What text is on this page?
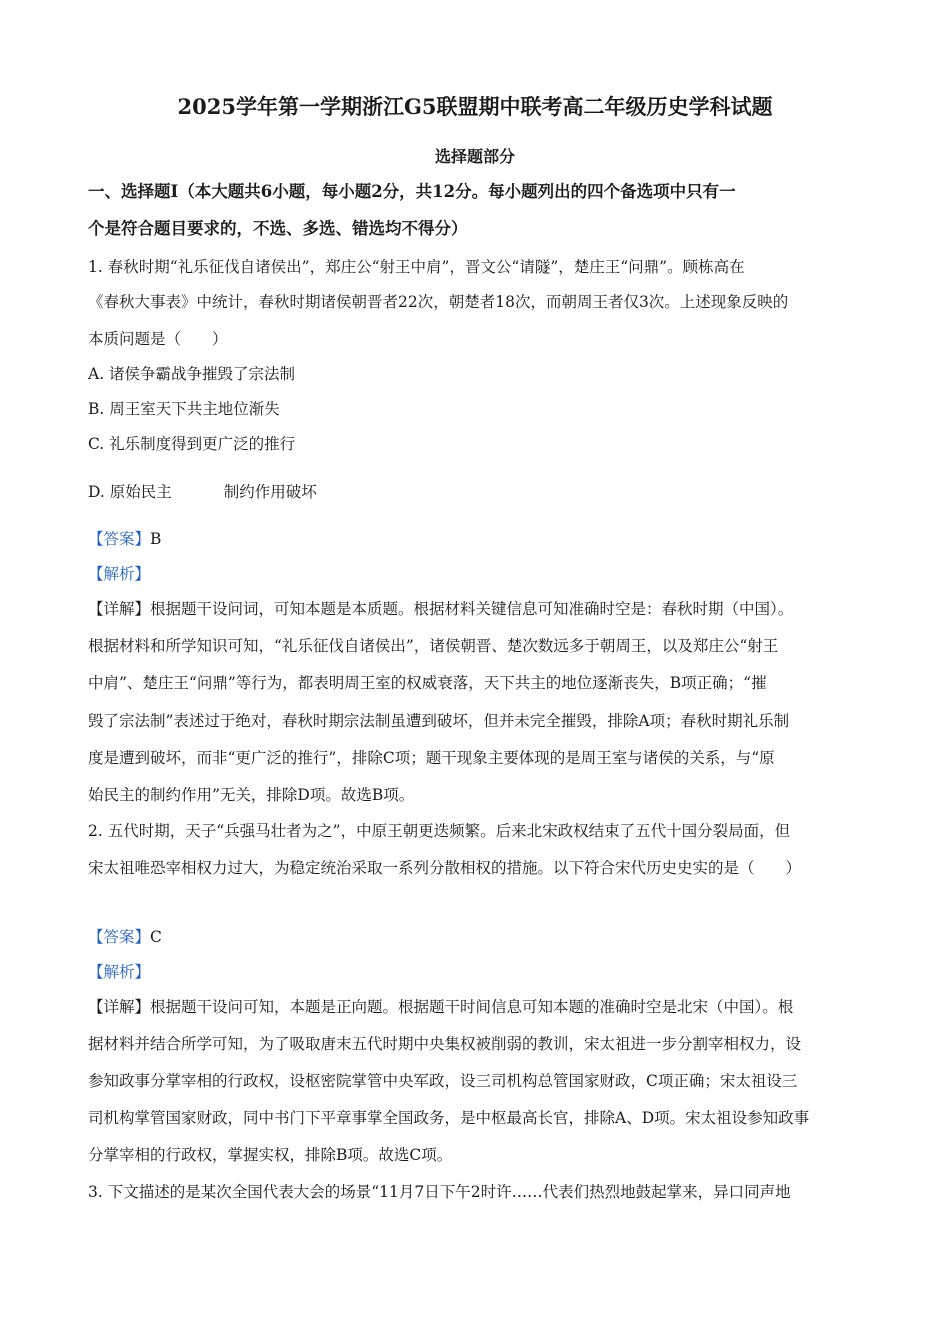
2025学年第一学期浙江G5联盟期中联考高二年级历史学科试题
选择题部分
一、选择题Ⅰ（本大题共6小题，每小题2分，共12分。每小题列出的四个备选项中只有一
个是符合题目要求的，不选、多选、错选均不得分）
1. 春秋时期“礼乐征伐自诸侯出”，郑庄公“射王中肩”，晋文公“请隧”，楚庄王“问鼎”。顾栋高在
《春秋大事表》中统计，春秋时期诸侯朝晋者22次，朝楚者18次，而朝周王者仅3次。上述现象反映的
本质问题是（　　）
A. 诸侯争霸战争摧毁了宗法制
B. 周王室天下共主地位渐失
C. 礼乐制度得到更广泛的推行
D. 原始民主	制约作用破坏
【答案】B
【解析】
【详解】根据题干设问词，可知本题是本质题。根据材料关键信息可知准确时空是：春秋时期（中国）。
根据材料和所学知识可知，“礼乐征伐自诸侯出”，诸侯朝晋、楚次数远多于朝周王，以及郑庄公“射王
中肩”、楚庄王“问鼎”等行为，都表明周王室的权威衰落，天下共主的地位逐渐丧失，B项正确；“摧
毁了宗法制”表述过于绝对，春秋时期宗法制虽遭到破坏，但并未完全摧毁，排除A项；春秋时期礼乐制
度是遭到破坏，而非“更广泛的推行”，排除C项；题干现象主要体现的是周王室与诸侯的关系，与“原
始民主的制约作用”无关，排除D项。故选B项。
2. 五代时期，天子“兵强马壮者为之”，中原王朝更迭频繁。后来北宋政权结束了五代十国分裂局面，但
宋太祖唯恐宰相权力过大，为稳定统治采取一系列分散相权的措施。以下符合宋代历史史实的是（　　）
【答案】C
【解析】
【详解】根据题干设问可知，本题是正向题。根据题干时间信息可知本题的准确时空是北宋（中国）。根
据材料并结合所学可知，为了吸取唐末五代时期中央集权被削弱的教训，宋太祖进一步分割宰相权力，设
参知政事分掌宰相的行政权，设枢密院掌管中央军政，设三司机构总管国家财政，C项正确；宋太祖设三
司机构掌管国家财政，同中书门下平章事掌全国政务，是中枢最高长官，排除A、D项。宋太祖设参知政事
分掌宰相的行政权，掌握实权，排除B项。故选C项。
3. 下文描述的是某次全国代表大会的场景“11月7日下午2时许……代表们热烈地鼓起掌来，异口同声地
